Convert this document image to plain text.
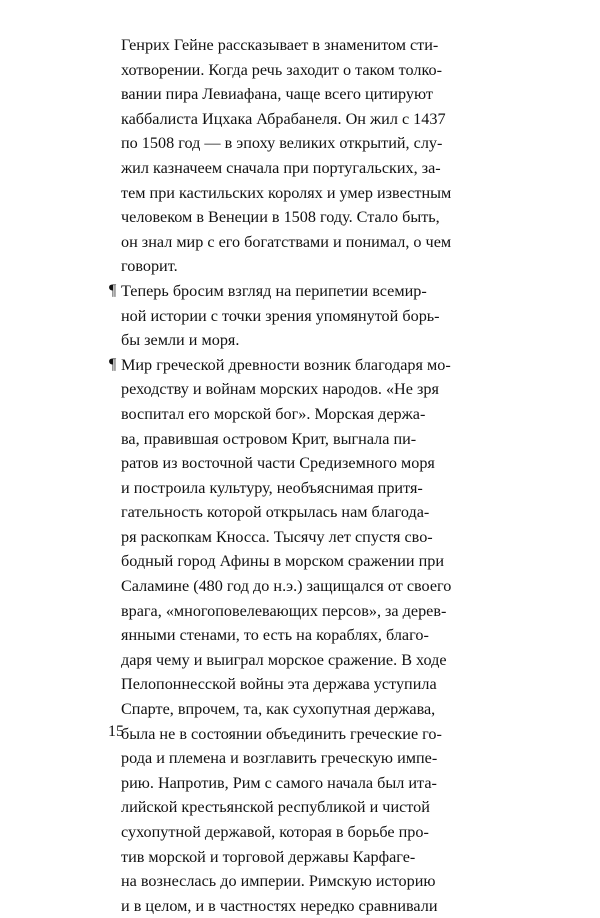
Генрих Гейне рассказывает в знаменитом сти-
хотворении. Когда речь заходит о таком толко-
вании пира Левиафана, чаще всего цитируют
каббалиста Ицхака Абрабанеля. Он жил с 1437
по 1508 год — в эпоху великих открытий, слу-
жил казначеем сначала при португальских, за-
тем при кастильских королях и умер известным
человеком в Венеции в 1508 году. Стало быть,
он знал мир с его богатствами и понимал, о чем
говорит.
¶ Теперь бросим взгляд на перипетии всемир-
ной истории с точки зрения упомянутой борь-
бы земли и моря.
¶ Мир греческой древности возник благодаря мо-
реходству и войнам морских народов. «Не зря
воспитал его морской бог». Морская держа-
ва, правившая островом Крит, выгнала пи-
ратов из восточной части Средиземного моря
и построила культуру, необъяснимая притя-
гательность которой открылась нам благода-
ря раскопкам Кносса. Тысячу лет спустя сво-
бодный город Афины в морском сражении при
Саламине (480 год до н.э.) защищался от своего
врага, «многоповелевающих персов», за дерев-
янными стенами, то есть на кораблях, благо-
даря чему и выиграл морское сражение. В ходе
Пелопоннесской войны эта держава уступила
Спарте, впрочем, та, как сухопутная держава,
была не в состоянии объединить греческие го-
рода и племена и возглавить греческую импе-
рию. Напротив, Рим с самого начала был ита-
лийской крестьянской республикой и чистой
сухопутной державой, которая в борьбе про-
тив морской и торговой державы Карфаге-
на вознеслась до империи. Римскую историю
и в целом, и в частностях нередко сравнивали
15
